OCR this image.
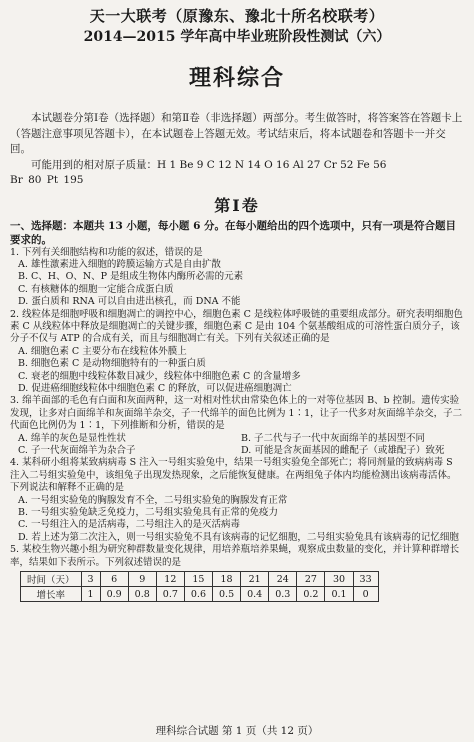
天一大联考（原豫东、豫北十所名校联考）
2014—2015 学年高中毕业班阶段性测试（六）
理科综合
本试题卷分第Ⅰ卷（选择题）和第Ⅱ卷（非选择题）两部分。考生做答时，将答案答在答题卡上（答题注意事项见答题卡），在本试题卷上答题无效。考试结束后，将本试题卷和答题卡一并交回。
可能用到的相对原子质量：H 1 Be 9 C 12 N 14 O 16 Al 27 Cr 52 Fe 56
Br 80 Pt 195
第Ⅰ卷
一、选择题：本题共 13 小题，每小题 6 分。在每小题给出的四个选项中，只有一项是符合题目要求的。
1. 下列有关细胞结构和功能的叙述，错误的是
A. 雄性激素进入细胞的跨膜运输方式是自由扩散
B. C、H、O、N、P 是组成生物体内酶所必需的元素
C. 有核糖体的细胞一定能合成蛋白质
D. 蛋白质和 RNA 可以自由进出核孔，而 DNA 不能
2. 线粒体是细胞呼吸和细胞凋亡的调控中心，细胞色素 C 是线粒体呼吸链的重要组成部分。研究表明细胞色素 C 从线粒体中释放是细胞凋亡的关键步骤，细胞色素 C 是由 104 个氨基酸组成的可溶性蛋白质分子，该分子不仅与 ATP 的合成有关，而且与细胞凋亡有关。下列有关叙述正确的是
A. 细胞色素 C 主要分布在线粒体外膜上
B. 细胞色素 C 是动物细胞特有的一种蛋白质
C. 衰老的细胞中线粒体数目减少，线粒体中细胞色素 C 的含量增多
D. 促进癌细胞线粒体中细胞色素 C 的释放，可以促进癌细胞凋亡
3. 绵羊面部的毛色有白面和灰面两种，这一对相对性状由常染色体上的一对等位基因 B、b 控制。遗传实验发现，让多对白面绵羊和灰面绵羊杂交，子一代绵羊的面色比例为 1∶1，让子一代多对灰面绵羊杂交，子二代面色比例仍为 1∶1，下列推断和分析，错误的是
A. 绵羊的灰色是显性性状	B. 子二代与子一代中灰面绵羊的基因型不同
C. 子一代灰面绵羊为杂合子	D. 可能是含灰面基因的雌配子（或雄配子）致死
4. 某科研小组将某致病病毒 S 注入一号组实验兔中，结果一号组实验兔全部死亡；将同剂量的致病病毒 S 注入二号组实验兔中，该组兔子出现发热现象，之后能恢复健康。在两组兔子体内均能检测出该病毒活体。下列说法和解释不正确的是
A. 一号组实验兔的胸腺发育不全，二号组实验兔的胸腺发育正常
B. 一号组实验兔缺乏免疫力，二号组实验兔具有正常的免疫力
C. 一号组注入的是活病毒，二号组注入的是灭活病毒
D. 若上述为第二次注入，则一号组实验兔不具有该病毒的记忆细胞，二号组实验兔具有该病毒的记忆细胞
5. 某校生物兴趣小组为研究种群数量变化规律，用培养瓶培养果蝇，观察成虫数量的变化，并计算种群增长率，结果如下表所示。下列叙述错误的是
时间（天）	3	6	9	12	15	18	21	24	27	30	33
增长率	1	0.9	0.8	0.7	0.6	0.5	0.4	0.3	0.2	0.1	0
理科综合试题 第 1 页（共 12 页）
